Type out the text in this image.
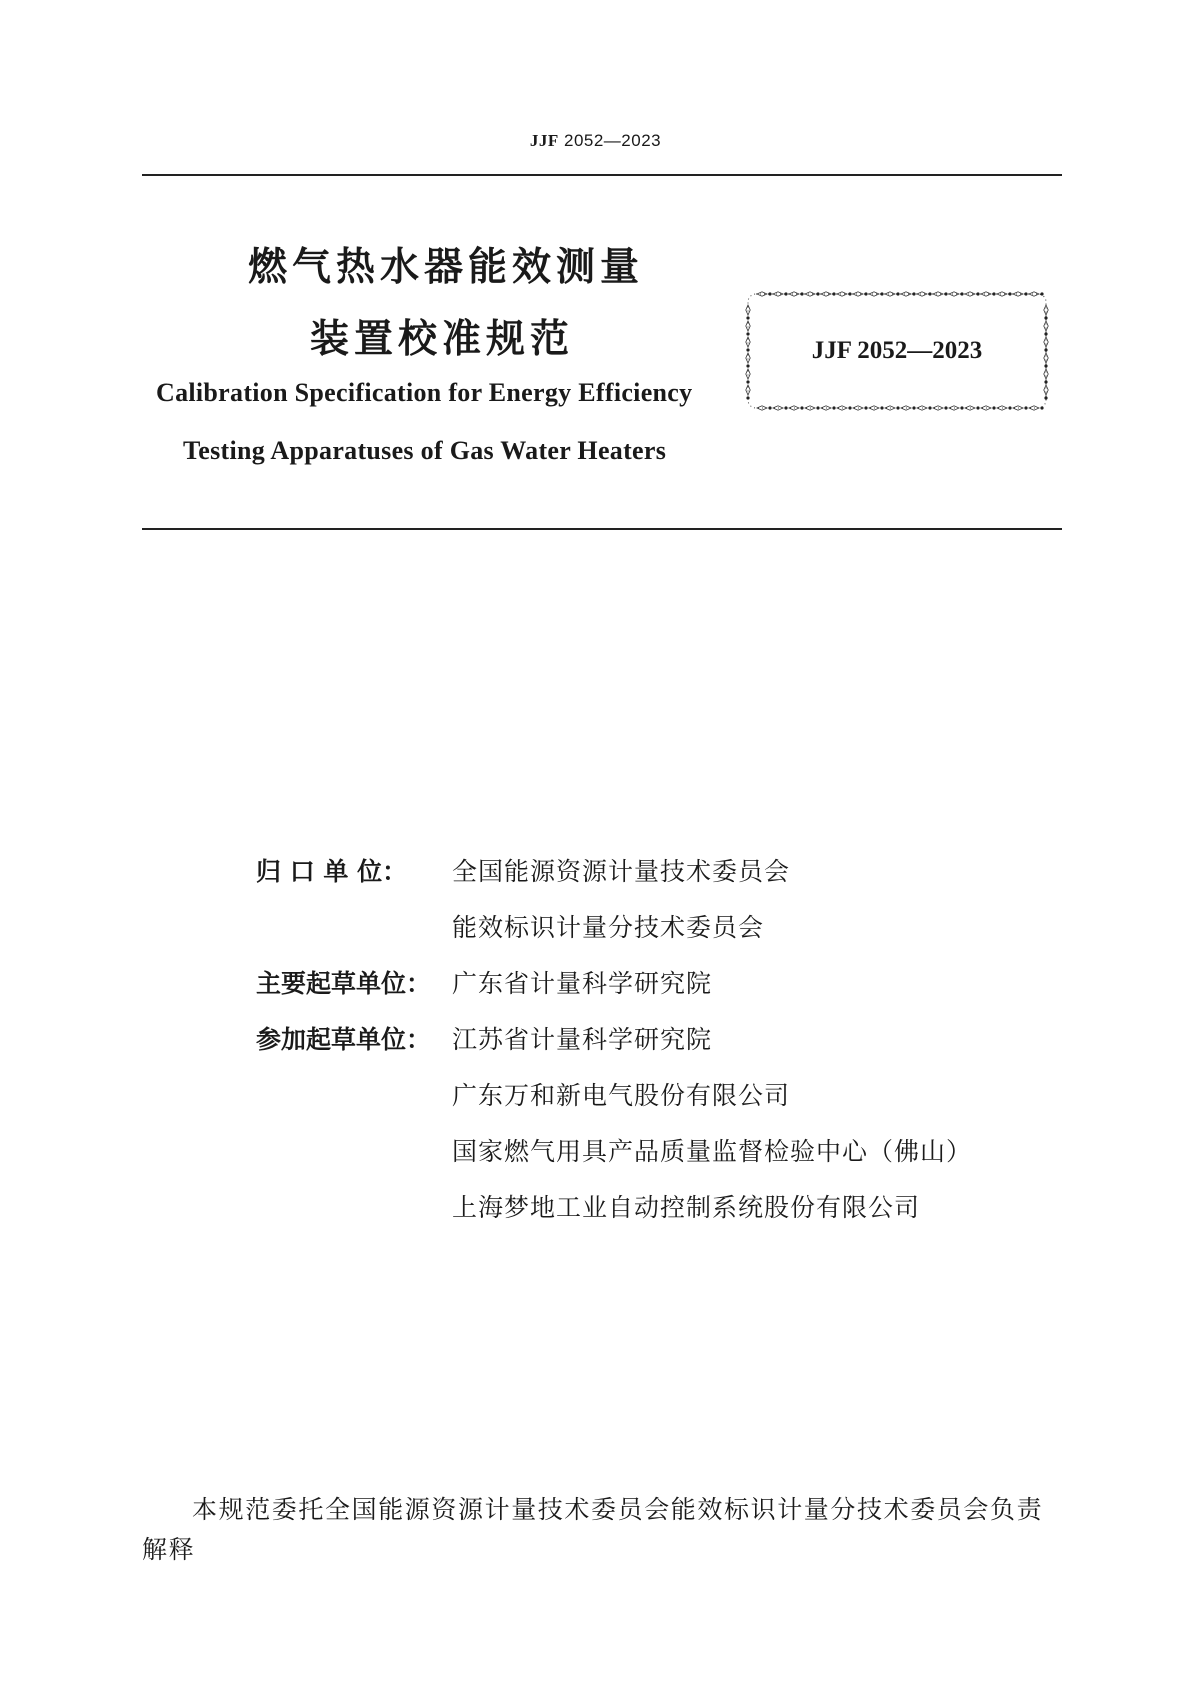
JJF 2052—2023
燃气热水器能效测量
装置校准规范
Calibration Specification for Energy Efficiency
Testing Apparatuses of Gas Water Heaters
JJF 2052—2023
归 口 单 位： 全国能源资源计量技术委员会
能效标识计量分技术委员会
主要起草单位： 广东省计量科学研究院
参加起草单位： 江苏省计量科学研究院
广东万和新电气股份有限公司
国家燃气用具产品质量监督检验中心（佛山）
上海梦地工业自动控制系统股份有限公司
本规范委托全国能源资源计量技术委员会能效标识计量分技术委员会负责解释
